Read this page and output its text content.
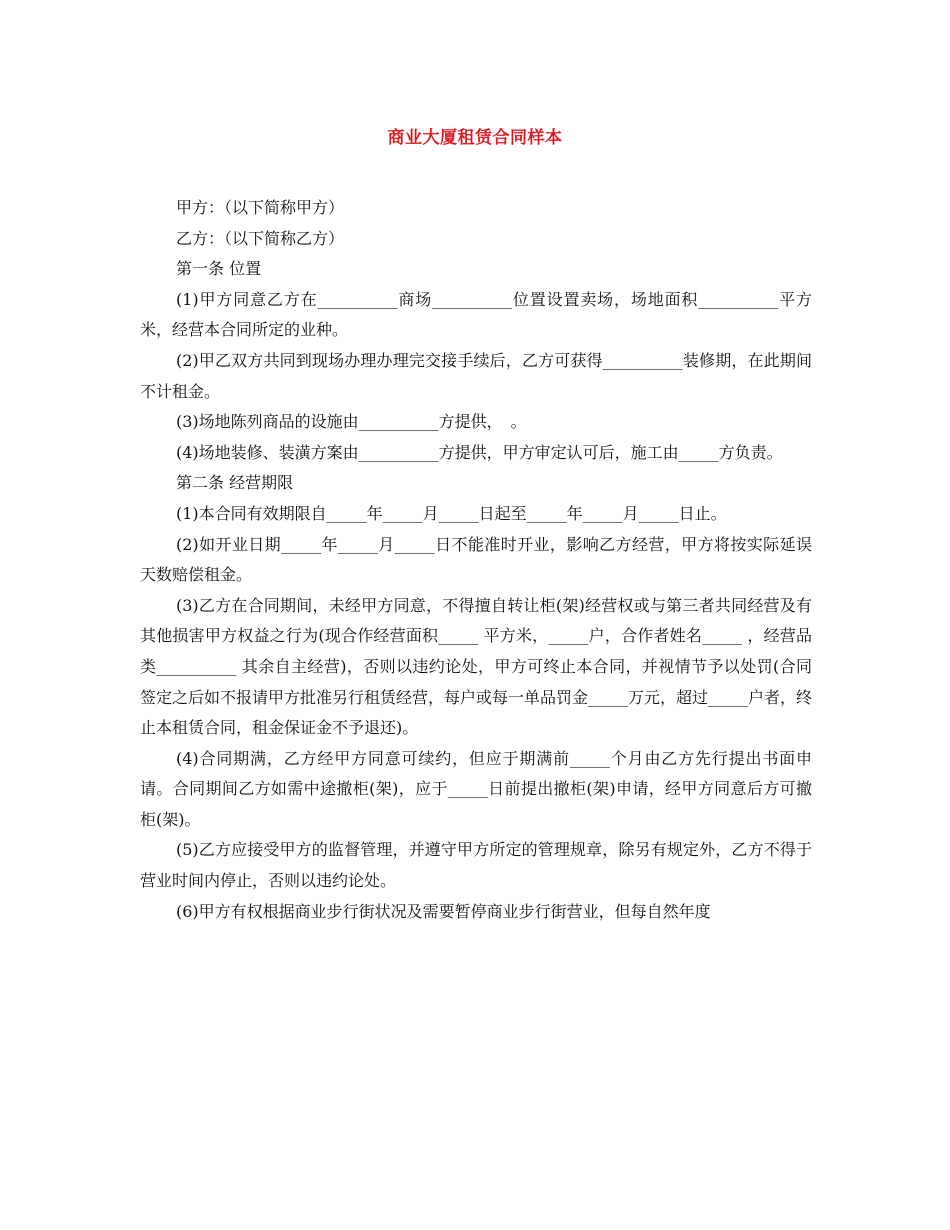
商业大厦租赁合同样本

甲方：（以下简称甲方）

乙方：（以下简称乙方）

第一条 位置

(1)甲方同意乙方在__________商场__________位置设置卖场，场地面积__________平方米，经营本合同所定的业种。

(2)甲乙双方共同到现场办理办理完交接手续后，乙方可获得__________装修期，在此期间不计租金。

(3)场地陈列商品的设施由__________方提供，　。

(4)场地装修、装潢方案由__________方提供，甲方审定认可后，施工由_____方负责。

第二条 经营期限

(1)本合同有效期限自_____年_____月_____日起至_____年_____月_____日止。

(2)如开业日期_____年_____月_____日不能准时开业，影响乙方经营，甲方将按实际延误天数赔偿租金。

(3)乙方在合同期间，未经甲方同意，不得擅自转让柜(架)经营权或与第三者共同经营及有其他损害甲方权益之行为(现合作经营面积_____ 平方米，_____户，合作者姓名_____ ，经营品类__________ 其余自主经营)，否则以违约论处，甲方可终止本合同，并视情节予以处罚(合同签定之后如不报请甲方批准另行租赁经营，每户或每一单品罚金_____万元，超过_____户者，终止本租赁合同，租金保证金不予退还)。

(4)合同期满，乙方经甲方同意可续约，但应于期满前_____个月由乙方先行提出书面申请。合同期间乙方如需中途撤柜(架)，应于_____日前提出撤柜(架)申请，经甲方同意后方可撤柜(架)。

(5)乙方应接受甲方的监督管理，并遵守甲方所定的管理规章，除另有规定外，乙方不得于营业时间内停止，否则以违约论处。

(6)甲方有权根据商业步行街状况及需要暂停商业步行街营业，但每自然年度
